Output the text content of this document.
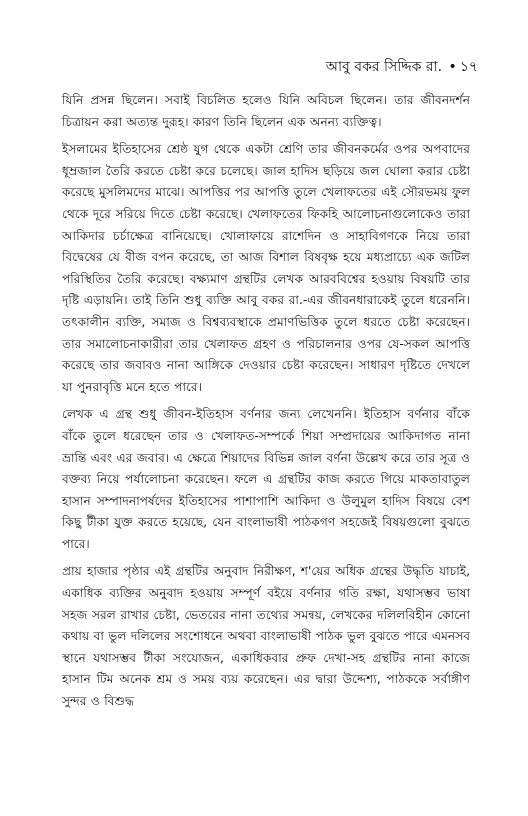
আবু বকর সিদ্দিক রা. • ১৭

যিনি প্রসন্ন ছিলেন। সবাই বিচলিত হলেও যিনি অবিচল ছিলেন। তার জীবনদর্শন চিত্রায়ন করা অত্যন্ত দুরূহ। কারণ তিনি ছিলেন এক অনন্য ব্যক্তিত্ব।

ইসলামের ইতিহাসের শ্রেষ্ঠ যুগ থেকে একটা শ্রেণি তার জীবনকর্মের ওপর অপবাদের ধূম্রজাল তৈরি করতে চেষ্টা করে চলেছে। জাল হাদিস ছড়িয়ে জল ঘোলা করার চেষ্টা করেছে মুসলিমদের মাঝে। আপত্তির পর আপত্তি তুলে খেলাফতের এই সৌরভময় ফুল থেকে দূরে সরিয়ে দিতে চেষ্টা করেছে। খেলাফতের ফিকহি আলোচনাগুলোকেও তারা আকিদার চর্চাক্ষেত্র বানিয়েছে। খোলাফায়ে রাশেদিন ও সাহাবিগণকে নিয়ে তারা বিদ্বেষের যে বীজ বপন করেছে, তা আজ বিশাল বিষবৃক্ষ হয়ে মধ্যপ্রাচ্যে এক জটিল পরিস্থিতির তৈরি করেছে। বক্ষ্যমাণ গ্রন্থটির লেখক আরববিশ্বের হওয়ায় বিষয়টি তার দৃষ্টি এড়ায়নি। তাই তিনি শুধু ব্যক্তি আবু বকর রা.-এর জীবনধারাকেই তুলে ধরেননি। তৎকালীন ব্যক্তি, সমাজ ও বিশ্বব্যবস্থাকে প্রমাণভিত্তিক তুলে ধরতে চেষ্টা করেছেন। তার সমালোচনাকারীরা তার খেলাফত গ্রহণ ও পরিচালনার ওপর যে-সকল আপত্তি করেছে তার জবাবও নানা আঙ্গিকে দেওয়ার চেষ্টা করেছেন। সাধারণ দৃষ্টিতে দেখলে যা পুনরাবৃত্তি মনে হতে পারে।

লেখক এ গ্রন্থ শুধু জীবন-ইতিহাস বর্ণনার জন্য লেখেননি। ইতিহাস বর্ণনার বাঁকে বাঁকে তুলে ধরেছেন তার ও খেলাফত-সম্পর্কে শিয়া সম্প্রদায়ের আকিদাগত নানা ভ্রান্তি এবং এর জবাব। এ ক্ষেত্রে শিয়াদের বিভিন্ন জাল বর্ণনা উল্লেখ করে তার সূত্র ও বক্তব্য নিয়ে পর্যালোচনা করেছেন। ফলে এ গ্রন্থটির কাজ করতে গিয়ে মাকতাবাতুল হাসান সম্পাদনাপর্ষদের ইতিহাসের পাশাপাশি আকিদা ও উলুমুল হাদিস বিষয়ে বেশ কিছু টীকা যুক্ত করতে হয়েছে, যেন বাংলাভাষী পাঠকগণ সহজেই বিষয়গুলো বুঝতে পারে।

প্রায় হাজার পৃষ্ঠার এই গ্রন্থটির অনুবাদ নিরীক্ষণ, শ'য়ের অধিক গ্রন্থের উদ্ধৃতি যাচাই, একাধিক ব্যক্তির অনুবাদ হওয়ায় সম্পূর্ণ বইয়ে বর্ণনার গতি রক্ষা, যথাসম্ভব ভাষা সহজ সরল রাখার চেষ্টা, ভেতরের নানা তথ্যের সমন্বয়, লেখকের দলিলবিহীন কোনো কথায় বা ভুল দলিলের সংশোধনে অথবা বাংলাভাষী পাঠক ভুল বুঝতে পারে এমনসব স্থানে যথাসম্ভব টীকা সংযোজন, একাধিকবার প্রুফ দেখা-সহ গ্রন্থটির নানা কাজে হাসান টিম অনেক শ্রম ও সময় ব্যয় করেছেন। এর দ্বারা উদ্দেশ্য, পাঠককে সর্বাঙ্গীণ সুন্দর ও বিশুদ্ধ
